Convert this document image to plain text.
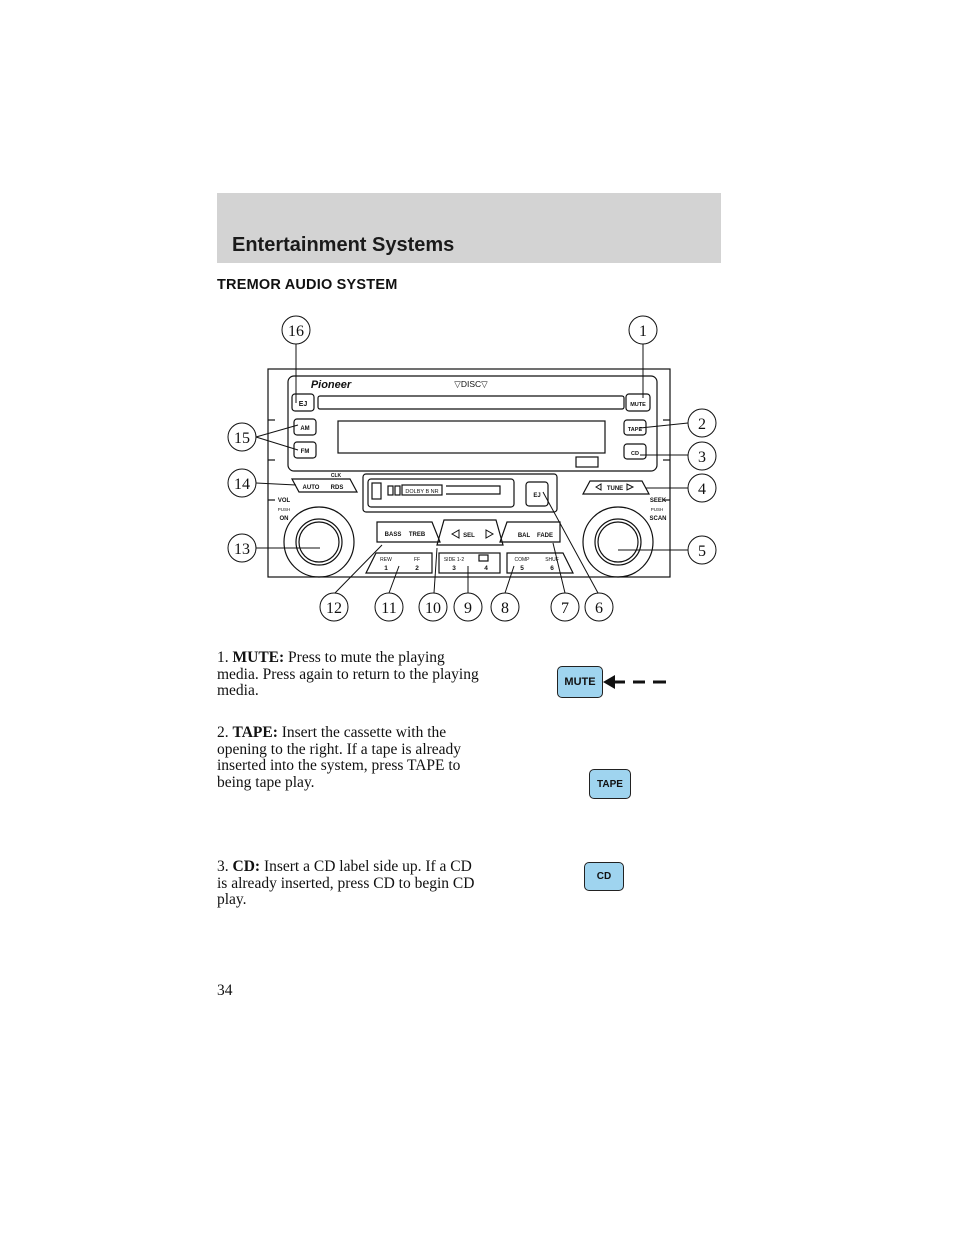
Entertainment Systems
TREMOR AUDIO SYSTEM
Pioneer	▽DISC▽
EJ	MUTE
AM
FM
TAPE
CD
CLK
AUTO RDS	TUNE
VOL
PUSH
ON
SEEK
PUSH
SCAN
DOLBY B NR
EJ
BASS TREB	SEL	BAL FADE
REW	FF
1	2
SIDE 1-2
3	4
COMP	SHUF
5	6
1
2
3
4
5
6
7
8
9
10
11
12
13
14
15
16
1. MUTE: Press to mute the playing media. Press again to return to the playing media.
MUTE
2. TAPE: Insert the cassette with the opening to the right. If a tape is already inserted into the system, press TAPE to being tape play.	TAPE
3. CD: Insert a CD label side up. If a CD is already inserted, press CD to begin CD play.
CD
34
